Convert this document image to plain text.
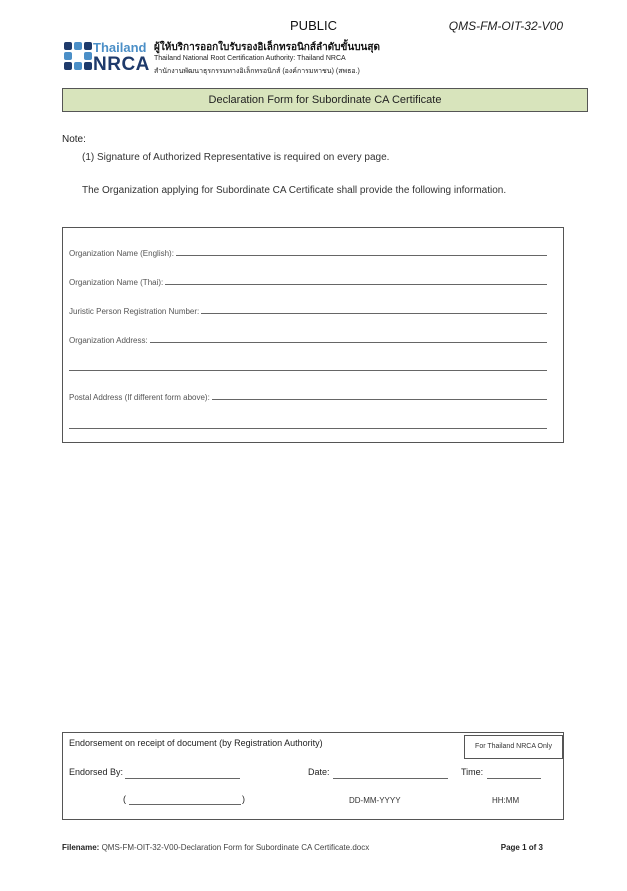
PUBLIC	QMS-FM-OIT-32-V00
Thailand
NRCA
ผู้ให้บริการออกใบรับรองอิเล็กทรอนิกส์ลำดับขั้นบนสุด
Thailand National Root Certification Authority: Thailand NRCA
สำนักงานพัฒนาธุรกรรมทางอิเล็กทรอนิกส์ (องค์การมหาชน) (สพธอ.)
Declaration Form for Subordinate CA Certificate
Note:
(1) Signature of Authorized Representative is required on every page.
The Organization applying for Subordinate CA Certificate shall provide the following information.
Organization Name (English):
Organization Name (Thai):
Juristic Person Registration Number:
Organization Address:
Postal Address (If different form above):
Endorsement on receipt of document (by Registration Authority)	For Thailand NRCA Only
Endorsed By:	Date:	Time:
(	)	DD-MM-YYYY	HH:MM
Filename: QMS-FM-OIT-32-V00-Declaration Form for Subordinate CA Certificate.docx	Page 1 of 3
